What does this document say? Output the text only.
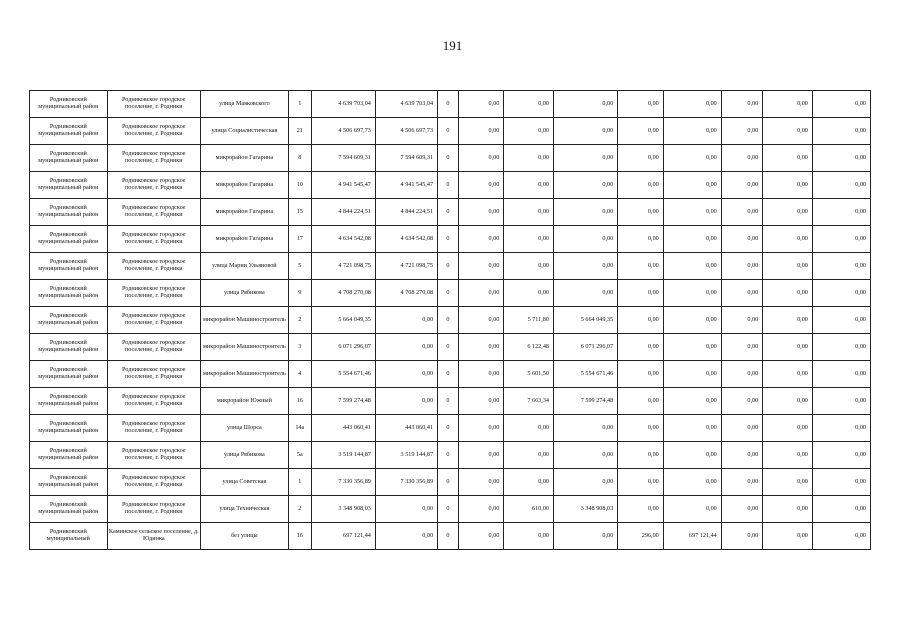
191
Родниковский муниципальный район	Родниковское городское поселение, г. Родники	улица Маяковского	1	4 639 703,04	4 639 703,04	0	0,00	0,00	0,00	0,00	0,00	0,00	0,00	0,00
Родниковский муниципальный район	Родниковское городское поселение, г. Родники	улица Социалистическая	21	4 506 697,73	4 506 697,73	0	0,00	0,00	0,00	0,00	0,00	0,00	0,00	0,00
Родниковский муниципальный район	Родниковское городское поселение, г. Родники	микрорайон Гагарина	8	7 594 609,31	7 594 609,31	0	0,00	0,00	0,00	0,00	0,00	0,00	0,00	0,00
Родниковский муниципальный район	Родниковское городское поселение, г. Родники	микрорайон Гагарина	10	4 941 545,47	4 941 545,47	0	0,00	0,00	0,00	0,00	0,00	0,00	0,00	0,00
Родниковский муниципальный район	Родниковское городское поселение, г. Родники	микрорайон Гагарина	15	4 844 224,51	4 844 224,51	0	0,00	0,00	0,00	0,00	0,00	0,00	0,00	0,00
Родниковский муниципальный район	Родниковское городское поселение, г. Родники	микрорайон Гагарина	17	4 634 542,08	4 634 542,08	0	0,00	0,00	0,00	0,00	0,00	0,00	0,00	0,00
Родниковский муниципальный район	Родниковское городское поселение, г. Родники	улица Марии Ульяновой	5	4 721 098,75	4 721 098,75	0	0,00	0,00	0,00	0,00	0,00	0,00	0,00	0,00
Родниковский муниципальный район	Родниковское городское поселение, г. Родники	улица Рябикова	9	4 708 270,08	4 708 270,08	0	0,00	0,00	0,00	0,00	0,00	0,00	0,00	0,00
Родниковский муниципальный район	Родниковское городское поселение, г. Родники	микрорайон Машиностроитель	2	5 664 049,35	0,00	0	0,00	5 711,80	5 664 049,35	0,00	0,00	0,00	0,00	0,00
Родниковский муниципальный район	Родниковское городское поселение, г. Родники	микрорайон Машиностроитель	3	6 071 296,07	0,00	0	0,00	6 122,48	6 071 296,07	0,00	0,00	0,00	0,00	0,00
Родниковский муниципальный район	Родниковское городское поселение, г. Родники	микрорайон Машиностроитель	4	5 554 671,46	0,00	0	0,00	5 601,50	5 554 671,46	0,00	0,00	0,00	0,00	0,00
Родниковский муниципальный район	Родниковское городское поселение, г. Родники	микрорайон Южный	16	7 599 274,48	0,00	0	0,00	7 663,34	7 599 274,48	0,00	0,00	0,00	0,00	0,00
Родниковский муниципальный район	Родниковское городское поселение, г. Родники	улица Шорса	14а	443 060,41	443 060,41	0	0,00	0,00	0,00	0,00	0,00	0,00	0,00	0,00
Родниковский муниципальный район	Родниковское городское поселение, г. Родники	улица Рябикова	5а	3 519 144,87	3 519 144,87	0	0,00	0,00	0,00	0,00	0,00	0,00	0,00	0,00
Родниковский муниципальный район	Родниковское городское поселение, г. Родники	улица Советская	1	7 330 356,89	7 330 356,89	0	0,00	0,00	0,00	0,00	0,00	0,00	0,00	0,00
Родниковский муниципальный район	Родниковское городское поселение, г. Родники	улица Техническая	2	3 348 908,03	0,00	0	0,00	610,00	3 348 908,03	0,00	0,00	0,00	0,00	0,00
Родниковский муниципальный	Каминское сельское поселение, д. Юдинка	без улицы	16	697 121,44	0,00	0	0,00	0,00	0,00	296,00	697 121,44	0,00	0,00	0,00
